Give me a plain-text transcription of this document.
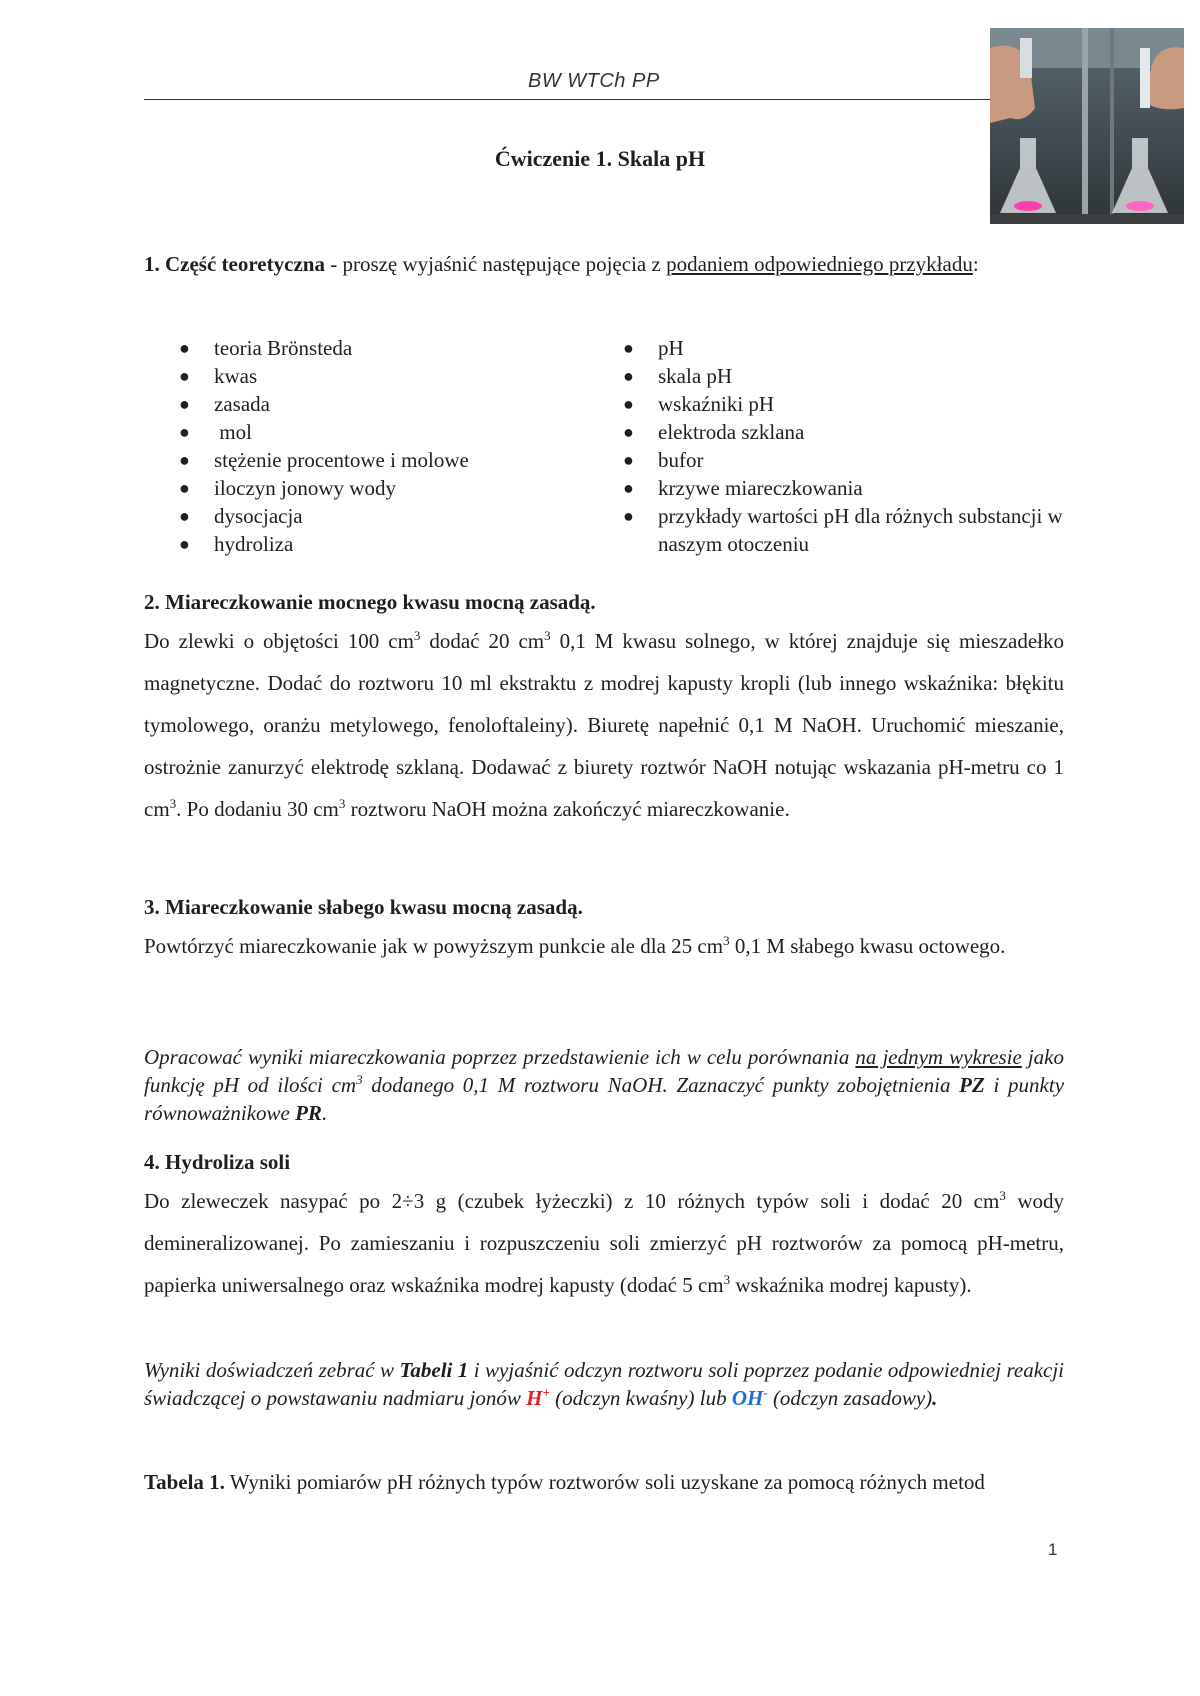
BW WTCh PP
Ćwiczenie 1. Skala pH
1. Część teoretyczna - proszę wyjaśnić następujące pojęcia z podaniem odpowiedniego przykładu:
● teoria Brönsteda
● kwas
● zasada
● mol
● stężenie procentowe i molowe
● iloczyn jonowy wody
● dysocjacja
● hydroliza
● pH
● skala pH
● wskaźniki pH
● elektroda szklana
● bufor
● krzywe miareczkowania
● przykłady wartości pH dla różnych substancji w naszym otoczeniu
2. Miareczkowanie mocnego kwasu mocną zasadą.
Do zlewki o objętości 100 $cm^3$ dodać 20 $cm^3$ 0,1 M kwasu solnego, w której znajduje się mieszadełko magnetyczne. Dodać do roztworu 10 ml ekstraktu z modrej kapusty kropli (lub innego wskaźnika: błękitu tymolowego, oranżu metylowego, fenoloftaleiny). Biuretę napełnić 0,1 M NaOH. Uruchomić mieszanie, ostrożnie zanurzyć elektrodę szklaną. Dodawać z biurety roztwór NaOH notując wskazania pH-metru co 1 $cm^3$. Po dodaniu 30 $cm^3$ roztworu NaOH można zakończyć miareczkowanie.
3. Miareczkowanie słabego kwasu mocną zasadą.
Powtórzyć miareczkowanie jak w powyższym punkcie ale dla 25 $cm^3$ 0,1 M słabego kwasu octowego.
Opracować wyniki miareczkowania poprzez przedstawienie ich w celu porównania na jednym wykresie jako funkcję pH od ilości $cm^3$ dodanego 0,1 M roztworu NaOH. Zaznaczyć punkty zobojętnienia PZ i punkty równoważnikowe PR.
4. Hydroliza soli
Do zleweczek nasypać po 2÷3 g (czubek łyżeczki) z 10 różnych typów soli i dodać 20 $cm^3$ wody demineralizowanej. Po zamieszaniu i rozpuszczeniu soli zmierzyć pH roztworów za pomocą pH-metru, papierka uniwersalnego oraz wskaźnika modrej kapusty (dodać 5 $cm^3$ wskaźnika modrej kapusty).
Wyniki doświadczeń zebrać w Tabeli 1 i wyjaśnić odczyn roztworu soli poprzez podanie odpowiedniej reakcji świadczącej o powstawaniu nadmiaru jonów H+ (odczyn kwaśny) lub OH- (odczyn zasadowy).
Tabela 1. Wyniki pomiarów pH różnych typów roztworów soli uzyskane za pomocą różnych metod
1
